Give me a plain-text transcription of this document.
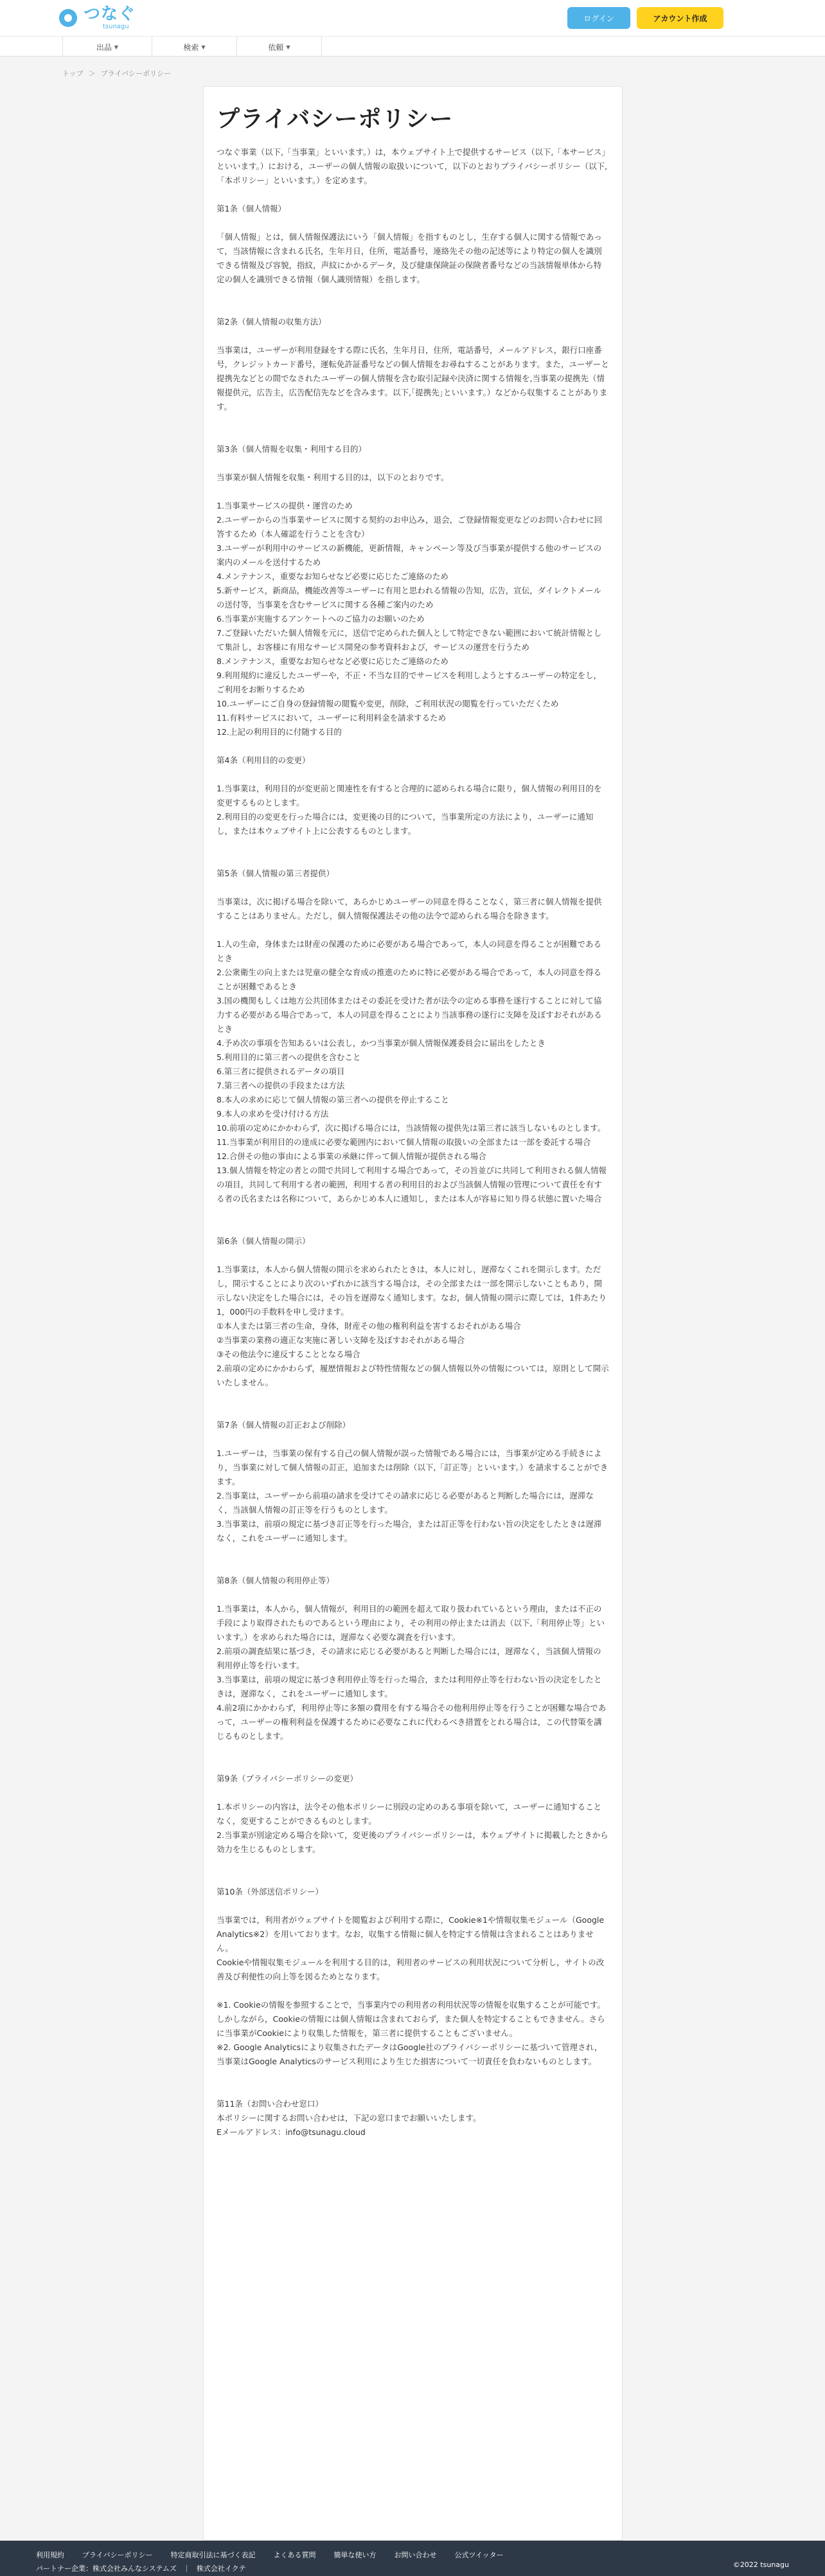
つなぐ
tsunagu
ログイン	アカウント作成
出品 ▼	検索 ▼	依頼 ▼
トップ ＞ プライバシーポリシー
プライバシーポリシー

つなぐ事業（以下,「当事業」といいます。）は，本ウェブサイト上で提供するサービス（以下,「本サービス」といいます。）における，ユーザーの個人情報の取扱いについて，以下のとおりプライバシーポリシー（以下,「本ポリシー」といいます。）を定めます。

第1条（個人情報）

「個人情報」とは，個人情報保護法にいう「個人情報」を指すものとし，生存する個人に関する情報であって，当該情報に含まれる氏名，生年月日，住所，電話番号，連絡先その他の記述等により特定の個人を識別できる情報及び容貌，指紋，声紋にかかるデータ，及び健康保険証の保険者番号などの当該情報単体から特定の個人を識別できる情報（個人識別情報）を指します。

第2条（個人情報の収集方法）

当事業は，ユーザーが利用登録をする際に氏名，生年月日，住所，電話番号，メールアドレス，銀行口座番号，クレジットカード番号，運転免許証番号などの個人情報をお尋ねすることがあります。また，ユーザーと提携先などとの間でなされたユーザーの個人情報を含む取引記録や決済に関する情報を,当事業の提携先（情報提供元，広告主，広告配信先などを含みます。以下,｢提携先｣といいます。）などから収集することがあります。

第3条（個人情報を収集・利用する目的）

当事業が個人情報を収集・利用する目的は，以下のとおりです。

1.当事業サービスの提供・運営のため
2.ユーザーからの当事業サービスに関する契約のお申込み，退会，ご登録情報変更などのお問い合わせに回答するため（本人確認を行うことを含む）
3.ユーザーが利用中のサービスの新機能，更新情報，キャンペーン等及び当事業が提供する他のサービスの案内のメールを送付するため
4.メンテナンス，重要なお知らせなど必要に応じたご連絡のため
5.新サービス，新商品，機能改善等ユーザーに有用と思われる情報の告知，広告，宣伝，ダイレクトメールの送付等，当事業を含むサービスに関する各種ご案内のため
6.当事業が実施するアンケートへのご協力のお願いのため
7.ご登録いただいた個人情報を元に，送信で定められた個人として特定できない範囲において統計情報として集計し，お客様に有用なサービス開発の参考資料および，サービスの運営を行うため
8.メンテナンス，重要なお知らせなど必要に応じたご連絡のため
9.利用規約に違反したユーザーや，不正・不当な目的でサービスを利用しようとするユーザーの特定をし，ご利用をお断りするため
10.ユーザーにご自身の登録情報の閲覧や変更，削除，ご利用状況の閲覧を行っていただくため
11.有料サービスにおいて，ユーザーに利用料金を請求するため
12.上記の利用目的に付随する目的

第4条（利用目的の変更）

1.当事業は，利用目的が変更前と関連性を有すると合理的に認められる場合に限り，個人情報の利用目的を変更するものとします。
2.利用目的の変更を行った場合には，変更後の目的について，当事業所定の方法により，ユーザーに通知し，または本ウェブサイト上に公表するものとします。

第5条（個人情報の第三者提供）

当事業は，次に掲げる場合を除いて，あらかじめユーザーの同意を得ることなく，第三者に個人情報を提供することはありません。ただし，個人情報保護法その他の法令で認められる場合を除きます。

1.人の生命，身体または財産の保護のために必要がある場合であって，本人の同意を得ることが困難であるとき
2.公衆衛生の向上または児童の健全な育成の推進のために特に必要がある場合であって，本人の同意を得ることが困難であるとき
3.国の機関もしくは地方公共団体またはその委託を受けた者が法令の定める事務を遂行することに対して協力する必要がある場合であって，本人の同意を得ることにより当該事務の遂行に支障を及ぼすおそれがあるとき
4.予め次の事項を告知あるいは公表し，かつ当事業が個人情報保護委員会に届出をしたとき
5.利用目的に第三者への提供を含むこと
6.第三者に提供されるデータの項目
7.第三者への提供の手段または方法
8.本人の求めに応じて個人情報の第三者への提供を停止すること
9.本人の求めを受け付ける方法
10.前項の定めにかかわらず，次に掲げる場合には，当該情報の提供先は第三者に該当しないものとします。
11.当事業が利用目的の達成に必要な範囲内において個人情報の取扱いの全部または一部を委託する場合
12.合併その他の事由による事業の承継に伴って個人情報が提供される場合
13.個人情報を特定の者との間で共同して利用する場合であって，その旨並びに共同して利用される個人情報の項目，共同して利用する者の範囲，利用する者の利用目的および当該個人情報の管理について責任を有する者の氏名または名称について，あらかじめ本人に通知し，または本人が容易に知り得る状態に置いた場合

第6条（個人情報の開示）

1.当事業は，本人から個人情報の開示を求められたときは，本人に対し，遅滞なくこれを開示します。ただし，開示することにより次のいずれかに該当する場合は，その全部または一部を開示しないこともあり，開示しない決定をした場合には，その旨を遅滞なく通知します。なお，個人情報の開示に際しては，1件あたり1，000円の手数料を申し受けます。
①本人または第三者の生命，身体，財産その他の権利利益を害するおそれがある場合
②当事業の業務の適正な実施に著しい支障を及ぼすおそれがある場合
③その他法令に違反することとなる場合
2.前項の定めにかかわらず，履歴情報および特性情報などの個人情報以外の情報については，原則として開示いたしません。

第7条（個人情報の訂正および削除）

1.ユーザーは，当事業の保有する自己の個人情報が誤った情報である場合には，当事業が定める手続きにより，当事業に対して個人情報の訂正，追加または削除（以下,「訂正等」といいます。）を請求することができます。
2.当事業は，ユーザーから前項の請求を受けてその請求に応じる必要があると判断した場合には，遅滞なく，当該個人情報の訂正等を行うものとします。
3.当事業は，前項の規定に基づき訂正等を行った場合，または訂正等を行わない旨の決定をしたときは遅滞なく，これをユーザーに通知します。

第8条（個人情報の利用停止等）

1.当事業は，本人から，個人情報が，利用目的の範囲を超えて取り扱われているという理由，または不正の手段により取得されたものであるという理由により，その利用の停止または消去（以下,「利用停止等」といいます。）を求められた場合には，遅滞なく必要な調査を行います。
2.前項の調査結果に基づき，その請求に応じる必要があると判断した場合には，遅滞なく，当該個人情報の利用停止等を行います。
3.当事業は，前項の規定に基づき利用停止等を行った場合，または利用停止等を行わない旨の決定をしたときは，遅滞なく，これをユーザーに通知します。
4.前2項にかかわらず，利用停止等に多額の費用を有する場合その他利用停止等を行うことが困難な場合であって，ユーザーの権利利益を保護するために必要なこれに代わるべき措置をとれる場合は，この代替策を講じるものとします。

第9条（プライバシーポリシーの変更）

1.本ポリシーの内容は，法令その他本ポリシーに別段の定めのある事項を除いて，ユーザーに通知することなく，変更することができるものとします。
2.当事業が別途定める場合を除いて，変更後のプライバシーポリシーは，本ウェブサイトに掲載したときから効力を生じるものとします。

第10条（外部送信ポリシー）

当事業では，利用者がウェブサイトを閲覧および利用する際に，Cookie※1や情報収集モジュール（Google Analytics※2）を用いております。なお，収集する情報に個人を特定する情報は含まれることはありません。
Cookieや情報収集モジュールを利用する目的は，利用者のサービスの利用状況について分析し，サイトの改善及び利便性の向上等を図るためとなります。

※1. Cookieの情報を参照することで，当事業内での利用者の利用状況等の情報を収集することが可能です。しかしながら，Cookieの情報には個人情報は含まれておらず，また個人を特定することもできません。さらに当事業がCookieにより収集した情報を，第三者に提供することもございません。

※2. Google Analyticsにより収集されたデータはGoogle社のプライバシーポリシーに基づいて管理され，当事業はGoogle Analyticsのサービス利用により生じた損害について一切責任を負わないものとします。

第11条（お問い合わせ窓口）

本ポリシーに関するお問い合わせは，下記の窓口までお願いいたします。
Eメールアドレス：info@tsunagu.cloud

利用規約	プライバシーポリシー	特定商取引法に基づく表記	よくある質問	簡単な使い方	お問い合わせ	公式ツイッター
パートナー企業： 株式会社みんなシステムズ ｜ 株式会社イクテ	©2022 tsunagu
